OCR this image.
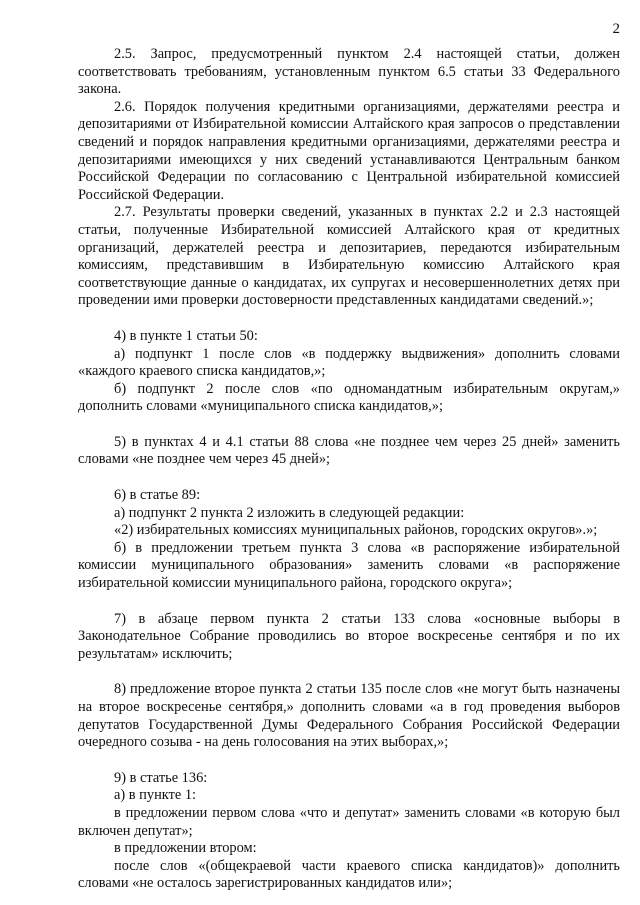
2

2.5. Запрос, предусмотренный пунктом 2.4 настоящей статьи, должен соответствовать требованиям, установленным пунктом 6.5 статьи 33 Федерального закона.

2.6. Порядок получения кредитными организациями, держателями реестра и депозитариями от Избирательной комиссии Алтайского края запросов о представлении сведений и порядок направления кредитными организациями, держателями реестра и депозитариями имеющихся у них сведений устанавливаются Центральным банком Российской Федерации по согласованию с Центральной избирательной комиссией Российской Федерации.

2.7. Результаты проверки сведений, указанных в пунктах 2.2 и 2.3 настоящей статьи, полученные Избирательной комиссией Алтайского края от кредитных организаций, держателей реестра и депозитариев, передаются избирательным комиссиям, представившим в Избирательную комиссию Алтайского края соответствующие данные о кандидатах, их супругах и несовершеннолетних детях при проведении ими проверки достоверности представленных кандидатами сведений.»;

4) в пункте 1 статьи 50:

а) подпункт 1 после слов «в поддержку выдвижения» дополнить словами «каждого краевого списка кандидатов,»;

б) подпункт 2 после слов «по одномандатным избирательным округам,» дополнить словами «муниципального списка кандидатов,»;

5) в пунктах 4 и 4.1 статьи 88 слова «не позднее чем через 25 дней» заменить словами «не позднее чем через 45 дней»;

6) в статье 89:

а) подпункт 2 пункта 2 изложить в следующей редакции:

«2) избирательных комиссиях муниципальных районов, городских округов».»;

б) в предложении третьем пункта 3 слова «в распоряжение избирательной комиссии муниципального образования» заменить словами «в распоряжение избирательной комиссии муниципального района, городского округа»;

7) в абзаце первом пункта 2 статьи 133 слова «основные выборы в Законодательное Собрание проводились во второе воскресенье сентября и по их результатам» исключить;

8) предложение второе пункта 2 статьи 135 после слов «не могут быть назначены на второе воскресенье сентября,» дополнить словами «а в год проведения выборов депутатов Государственной Думы Федерального Собрания Российской Федерации очередного созыва - на день голосования на этих выборах,»;

9) в статье 136:

а) в пункте 1:

в предложении первом слова «что и депутат» заменить словами «в которую был включен депутат»;

в предложении втором:

после слов «(общекраевой части краевого списка кандидатов)» дополнить словами «не осталось зарегистрированных кандидатов или»;
